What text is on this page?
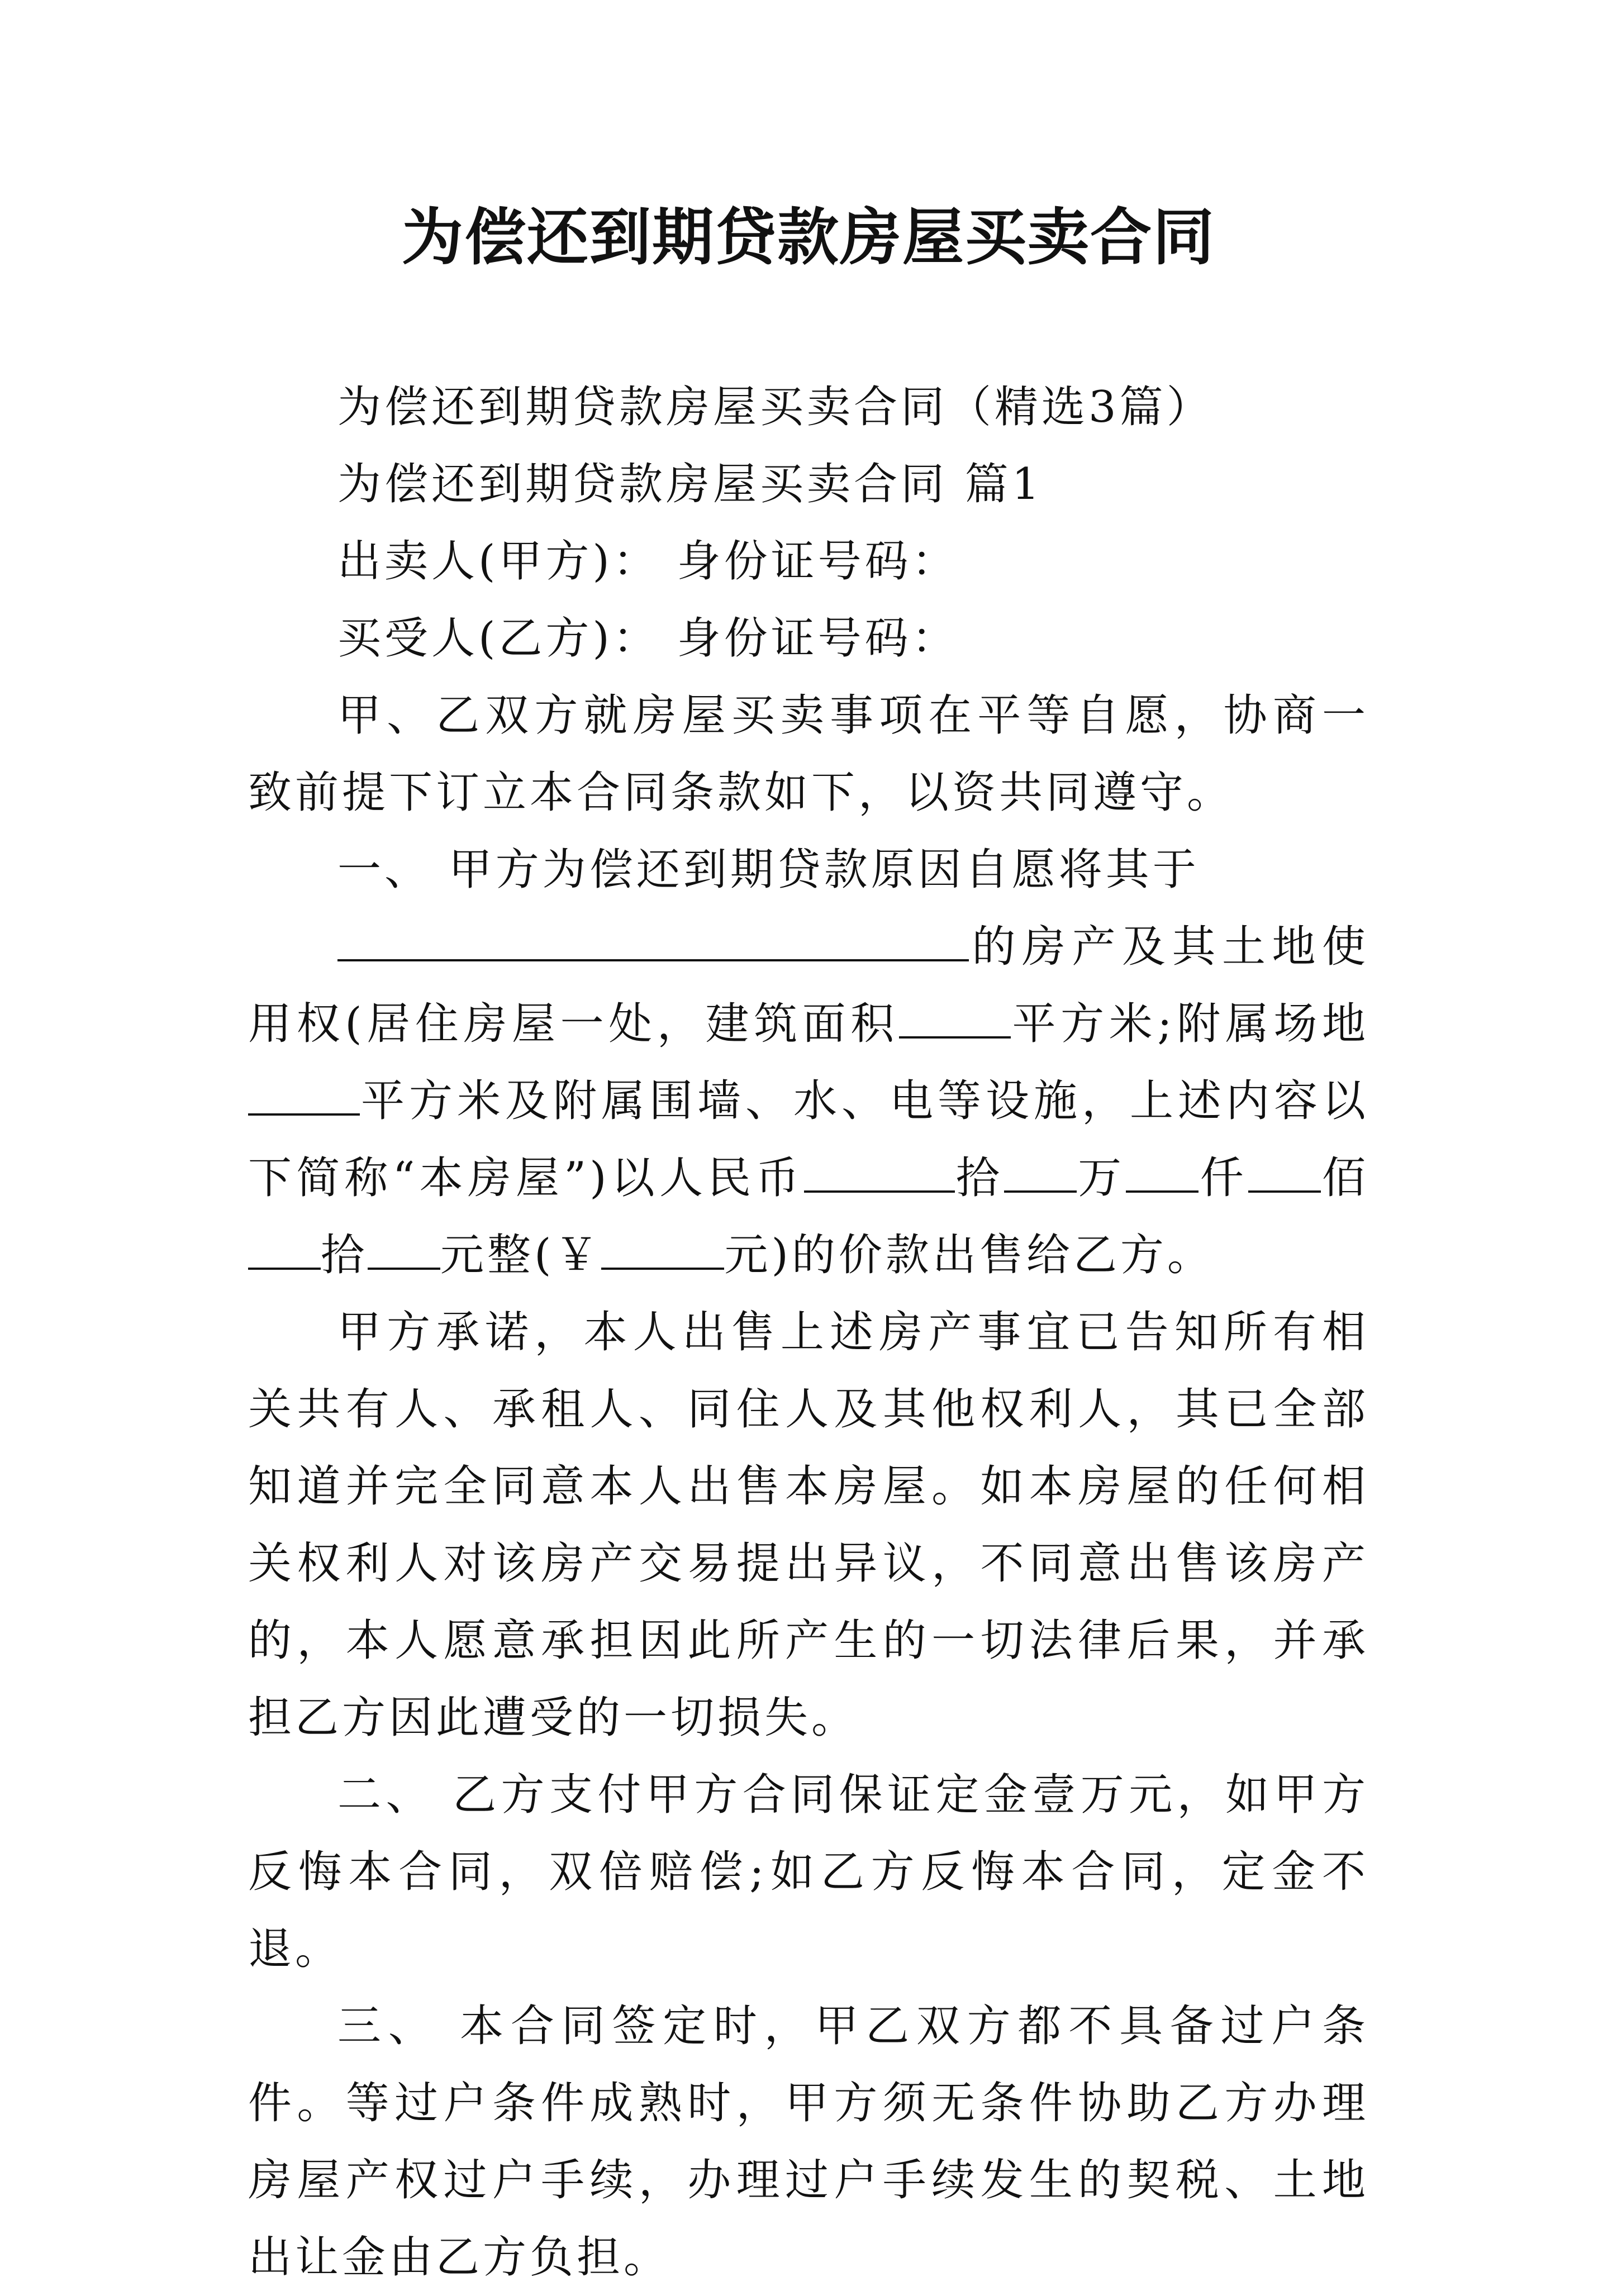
为偿还到期贷款房屋买卖合同

为偿还到期贷款房屋买卖合同（精选3篇）

为偿还到期贷款房屋买卖合同 篇1

出卖人(甲方)： 身份证号码：

买受人(乙方)： 身份证号码：

甲、乙双方就房屋买卖事项在平等自愿，协商一致前提下订立本合同条款如下，以资共同遵守。

一、 甲方为偿还到期贷款原因自愿将其于

的房产及其土地使用权(居住房屋一处，建筑面积	平方米;附属场地平方米及附属围墙、水、电等设施，上述内容以下简称“本房屋”)以人民币	拾 万 仟 佰拾 元整(￥	元)的价款出售给乙方。

甲方承诺，本人出售上述房产事宜已告知所有相关共有人、承租人、同住人及其他权利人，其已全部知道并完全同意本人出售本房屋。如本房屋的任何相关权利人对该房产交易提出异议，不同意出售该房产的，本人愿意承担因此所产生的一切法律后果，并承担乙方因此遭受的一切损失。

二、 乙方支付甲方合同保证定金壹万元，如甲方反悔本合同，双倍赔偿;如乙方反悔本合同，定金不退。

三、 本合同签定时，甲乙双方都不具备过户条件。等过户条件成熟时，甲方须无条件协助乙方办理房屋产权过户手续，办理过户手续发生的契税、土地出让金由乙方负担。
